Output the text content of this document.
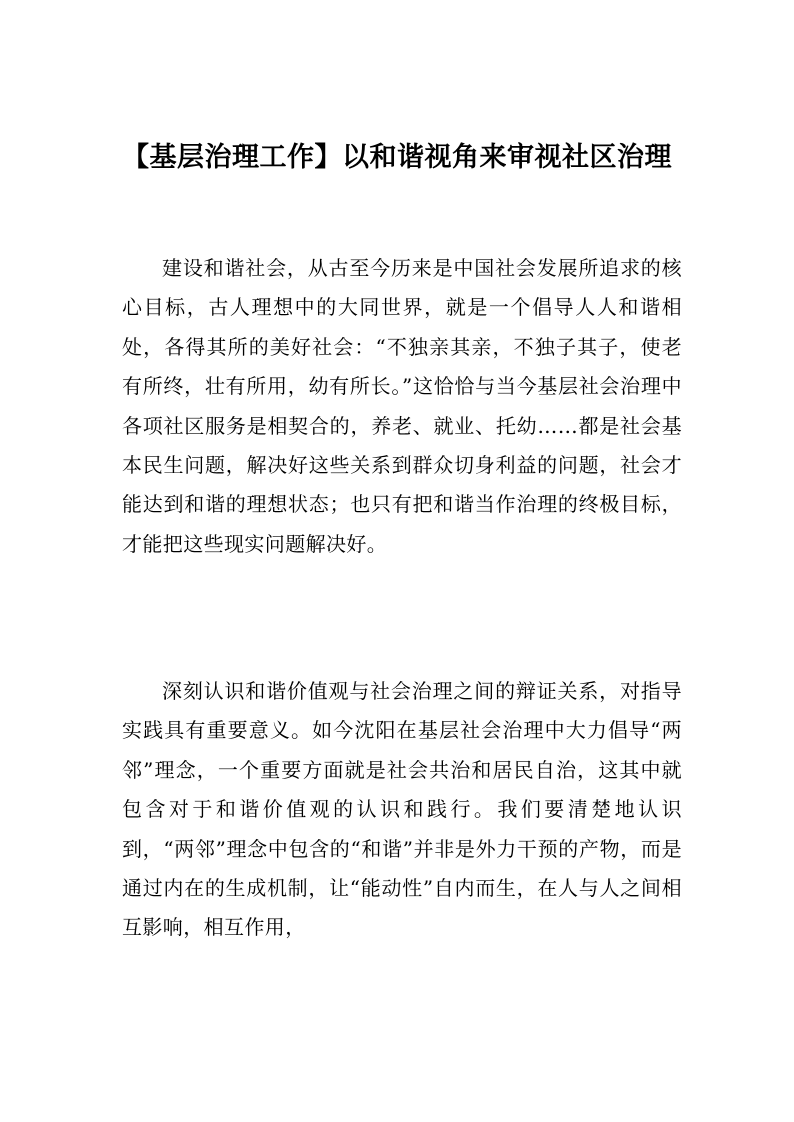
【基层治理工作】以和谐视角来审视社区治理

建设和谐社会，从古至今历来是中国社会发展所追求的核心目标，古人理想中的大同世界，就是一个倡导人人和谐相处，各得其所的美好社会：“不独亲其亲，不独子其子，使老有所终，壮有所用，幼有所长。”这恰恰与当今基层社会治理中各项社区服务是相契合的，养老、就业、托幼……都是社会基本民生问题，解决好这些关系到群众切身利益的问题，社会才能达到和谐的理想状态；也只有把和谐当作治理的终极目标，才能把这些现实问题解决好。

深刻认识和谐价值观与社会治理之间的辩证关系，对指导实践具有重要意义。如今沈阳在基层社会治理中大力倡导“两邻”理念，一个重要方面就是社会共治和居民自治，这其中就包含对于和谐价值观的认识和践行。我们要清楚地认识到，“两邻”理念中包含的“和谐”并非是外力干预的产物，而是通过内在的生成机制，让“能动性”自内而生，在人与人之间相互影响，相互作用，
